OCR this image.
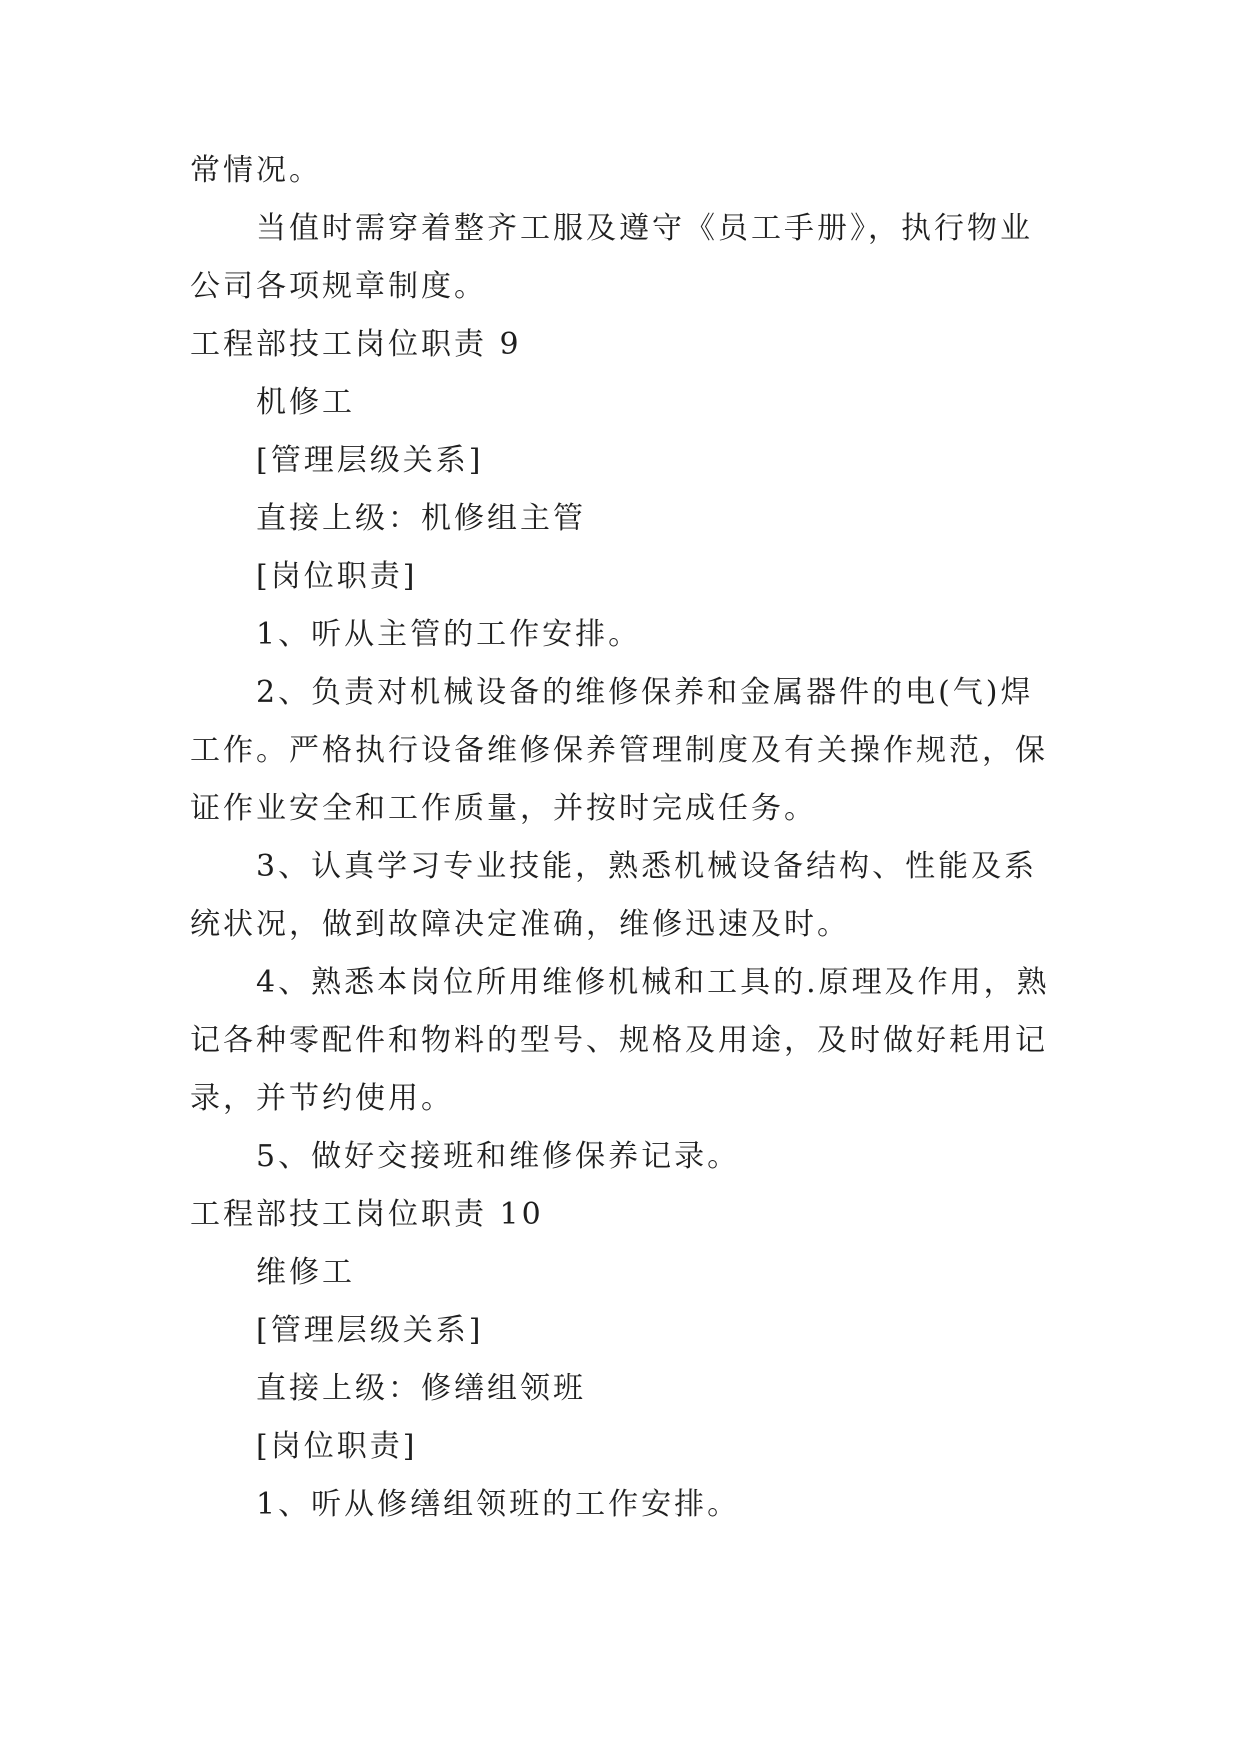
常情况。
当值时需穿着整齐工服及遵守《员工手册》，执行物业
公司各项规章制度。
工程部技工岗位职责 9
机修工
[管理层级关系]
直接上级：机修组主管
[岗位职责]
1、听从主管的工作安排。
2、负责对机械设备的维修保养和金属器件的电(气)焊
工作。严格执行设备维修保养管理制度及有关操作规范，保
证作业安全和工作质量，并按时完成任务。
3、认真学习专业技能，熟悉机械设备结构、性能及系
统状况，做到故障决定准确，维修迅速及时。
4、熟悉本岗位所用维修机械和工具的.原理及作用，熟
记各种零配件和物料的型号、规格及用途，及时做好耗用记
录，并节约使用。
5、做好交接班和维修保养记录。
工程部技工岗位职责 10
维修工
[管理层级关系]
直接上级：修缮组领班
[岗位职责]
1、听从修缮组领班的工作安排。
